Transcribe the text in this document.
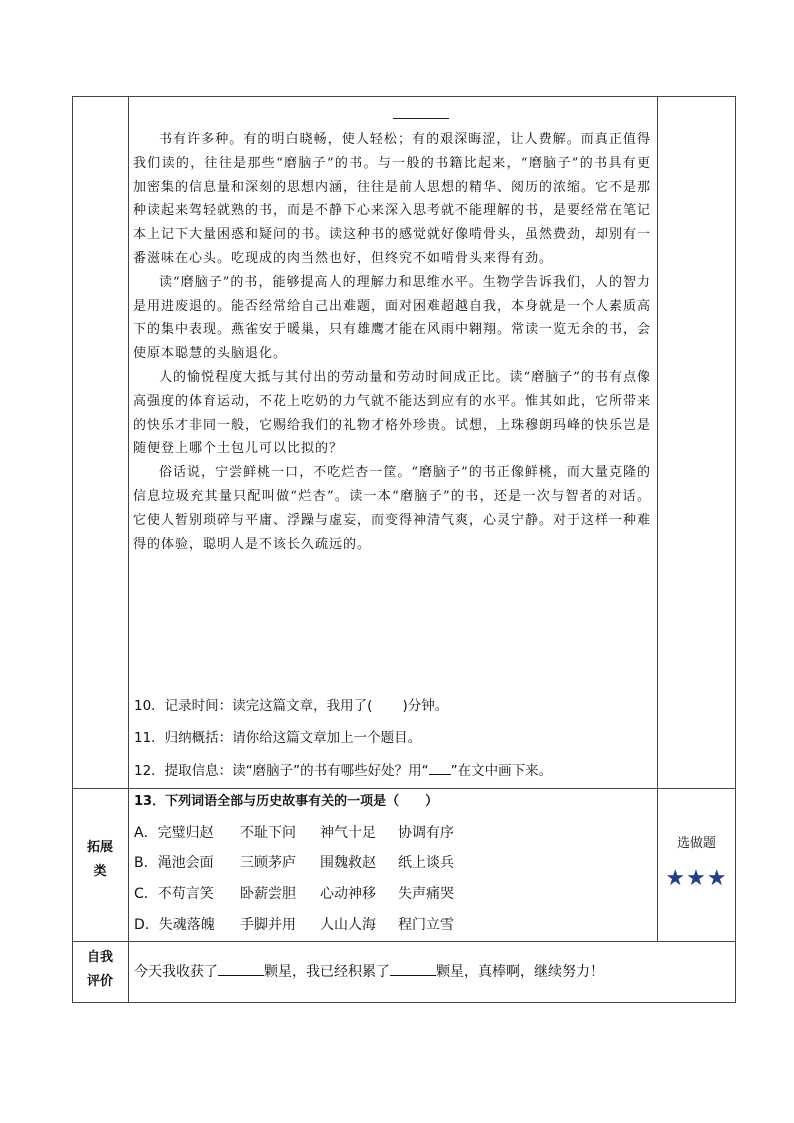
书有许多种。有的明白晓畅，使人轻松；有的艰深晦涩，让人费解。而真正值得我们读的，往往是那些“磨脑子”的书。与一般的书籍比起来，“磨脑子”的书具有更加密集的信息量和深刻的思想内涵，往往是前人思想的精华、阅历的浓缩。它不是那种读起来驾轻就熟的书，而是不静下心来深入思考就不能理解的书，是要经常在笔记本上记下大量困惑和疑问的书。读这种书的感觉就好像啃骨头，虽然费劲，却别有一番滋味在心头。吃现成的肉当然也好，但终究不如啃骨头来得有劲。

读“磨脑子”的书，能够提高人的理解力和思维水平。生物学告诉我们，人的智力是用进废退的。能否经常给自己出难题，面对困难超越自我，本身就是一个人素质高下的集中表现。燕雀安于暖巢，只有雄鹰才能在风雨中翱翔。常读一览无余的书，会使原本聪慧的头脑退化。

人的愉悦程度大抵与其付出的劳动量和劳动时间成正比。读“磨脑子”的书有点像高强度的体育运动，不花上吃奶的力气就不能达到应有的水平。惟其如此，它所带来的快乐才非同一般，它赐给我们的礼物才格外珍贵。试想，上珠穆朗玛峰的快乐岂是随便登上哪个土包儿可以比拟的？

俗话说，宁尝鲜桃一口，不吃烂杏一筐。“磨脑子”的书正像鲜桃，而大量克隆的信息垃圾充其量只配叫做“烂杏”。读一本“磨脑子”的书，还是一次与智者的对话。它使人暂别琐碎与平庸、浮躁与虚妄，而变得神清气爽，心灵宁静。对于这样一种难得的体验，聪明人是不该长久疏远的。

10．记录时间：读完这篇文章，我用了( )分钟。
11．归纳概括：请你给这篇文章加上一个题目。
12．提取信息：读“磨脑子”的书有哪些好处？用“ ”在文中画下来。
拓展类
13．下列词语全部与历史故事有关的一项是（　　）
A．完璧归赵 不耻下问 神气十足 协调有序
B．渑池会面 三顾茅庐 围魏救赵 纸上谈兵
C．不苟言笑 卧薪尝胆 心动神移 失声痛哭
D．失魂落魄 手脚并用 人山人海 程门立雪
选做题
★★★
自我
评价
今天我收获了	颗星，我已经积累了	颗星，真棒啊，继续努力！
